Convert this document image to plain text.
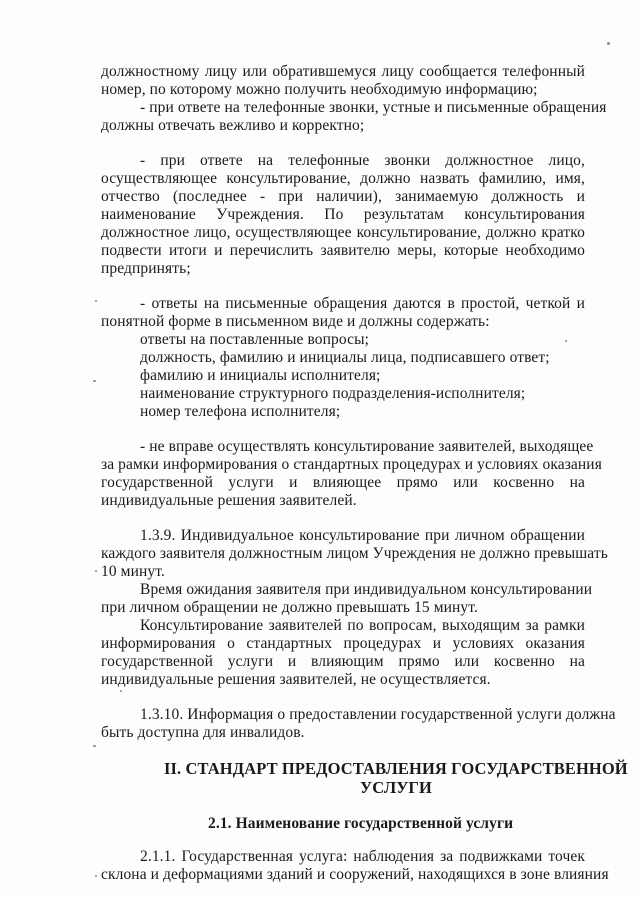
должностному лицу или обратившемуся лицу сообщается телефонный
номер, по которому можно получить необходимую информацию;
- при ответе на телефонные звонки, устные и письменные обращения
должны отвечать вежливо и корректно;
- при ответе на телефонные звонки должностное лицо,
осуществляющее консультирование, должно назвать фамилию, имя,
отчество (последнее - при наличии), занимаемую должность и
наименование Учреждения. По результатам консультирования
должностное лицо, осуществляющее консультирование, должно кратко
подвести итоги и перечислить заявителю меры, которые необходимо
предпринять;
- ответы на письменные обращения даются в простой, четкой и
понятной форме в письменном виде и должны содержать:
ответы на поставленные вопросы;
должность, фамилию и инициалы лица, подписавшего ответ;
фамилию и инициалы исполнителя;
наименование структурного подразделения-исполнителя;
номер телефона исполнителя;
- не вправе осуществлять консультирование заявителей, выходящее
за рамки информирования о стандартных процедурах и условиях оказания
государственной услуги и влияющее прямо или косвенно на
индивидуальные решения заявителей.
1.3.9. Индивидуальное консультирование при личном обращении
каждого заявителя должностным лицом Учреждения не должно превышать
10 минут.
Время ожидания заявителя при индивидуальном консультировании
при личном обращении не должно превышать 15 минут.
Консультирование заявителей по вопросам, выходящим за рамки
информирования о стандартных процедурах и условиях оказания
государственной услуги и влияющим прямо или косвенно на
индивидуальные решения заявителей, не осуществляется.
1.3.10. Информация о предоставлении государственной услуги должна
быть доступна для инвалидов.
II. СТАНДАРТ ПРЕДОСТАВЛЕНИЯ ГОСУДАРСТВЕННОЙ
УСЛУГИ
2.1. Наименование государственной услуги
2.1.1. Государственная услуга: наблюдения за подвижками точек
склона и деформациями зданий и сооружений, находящихся в зоне влияния
